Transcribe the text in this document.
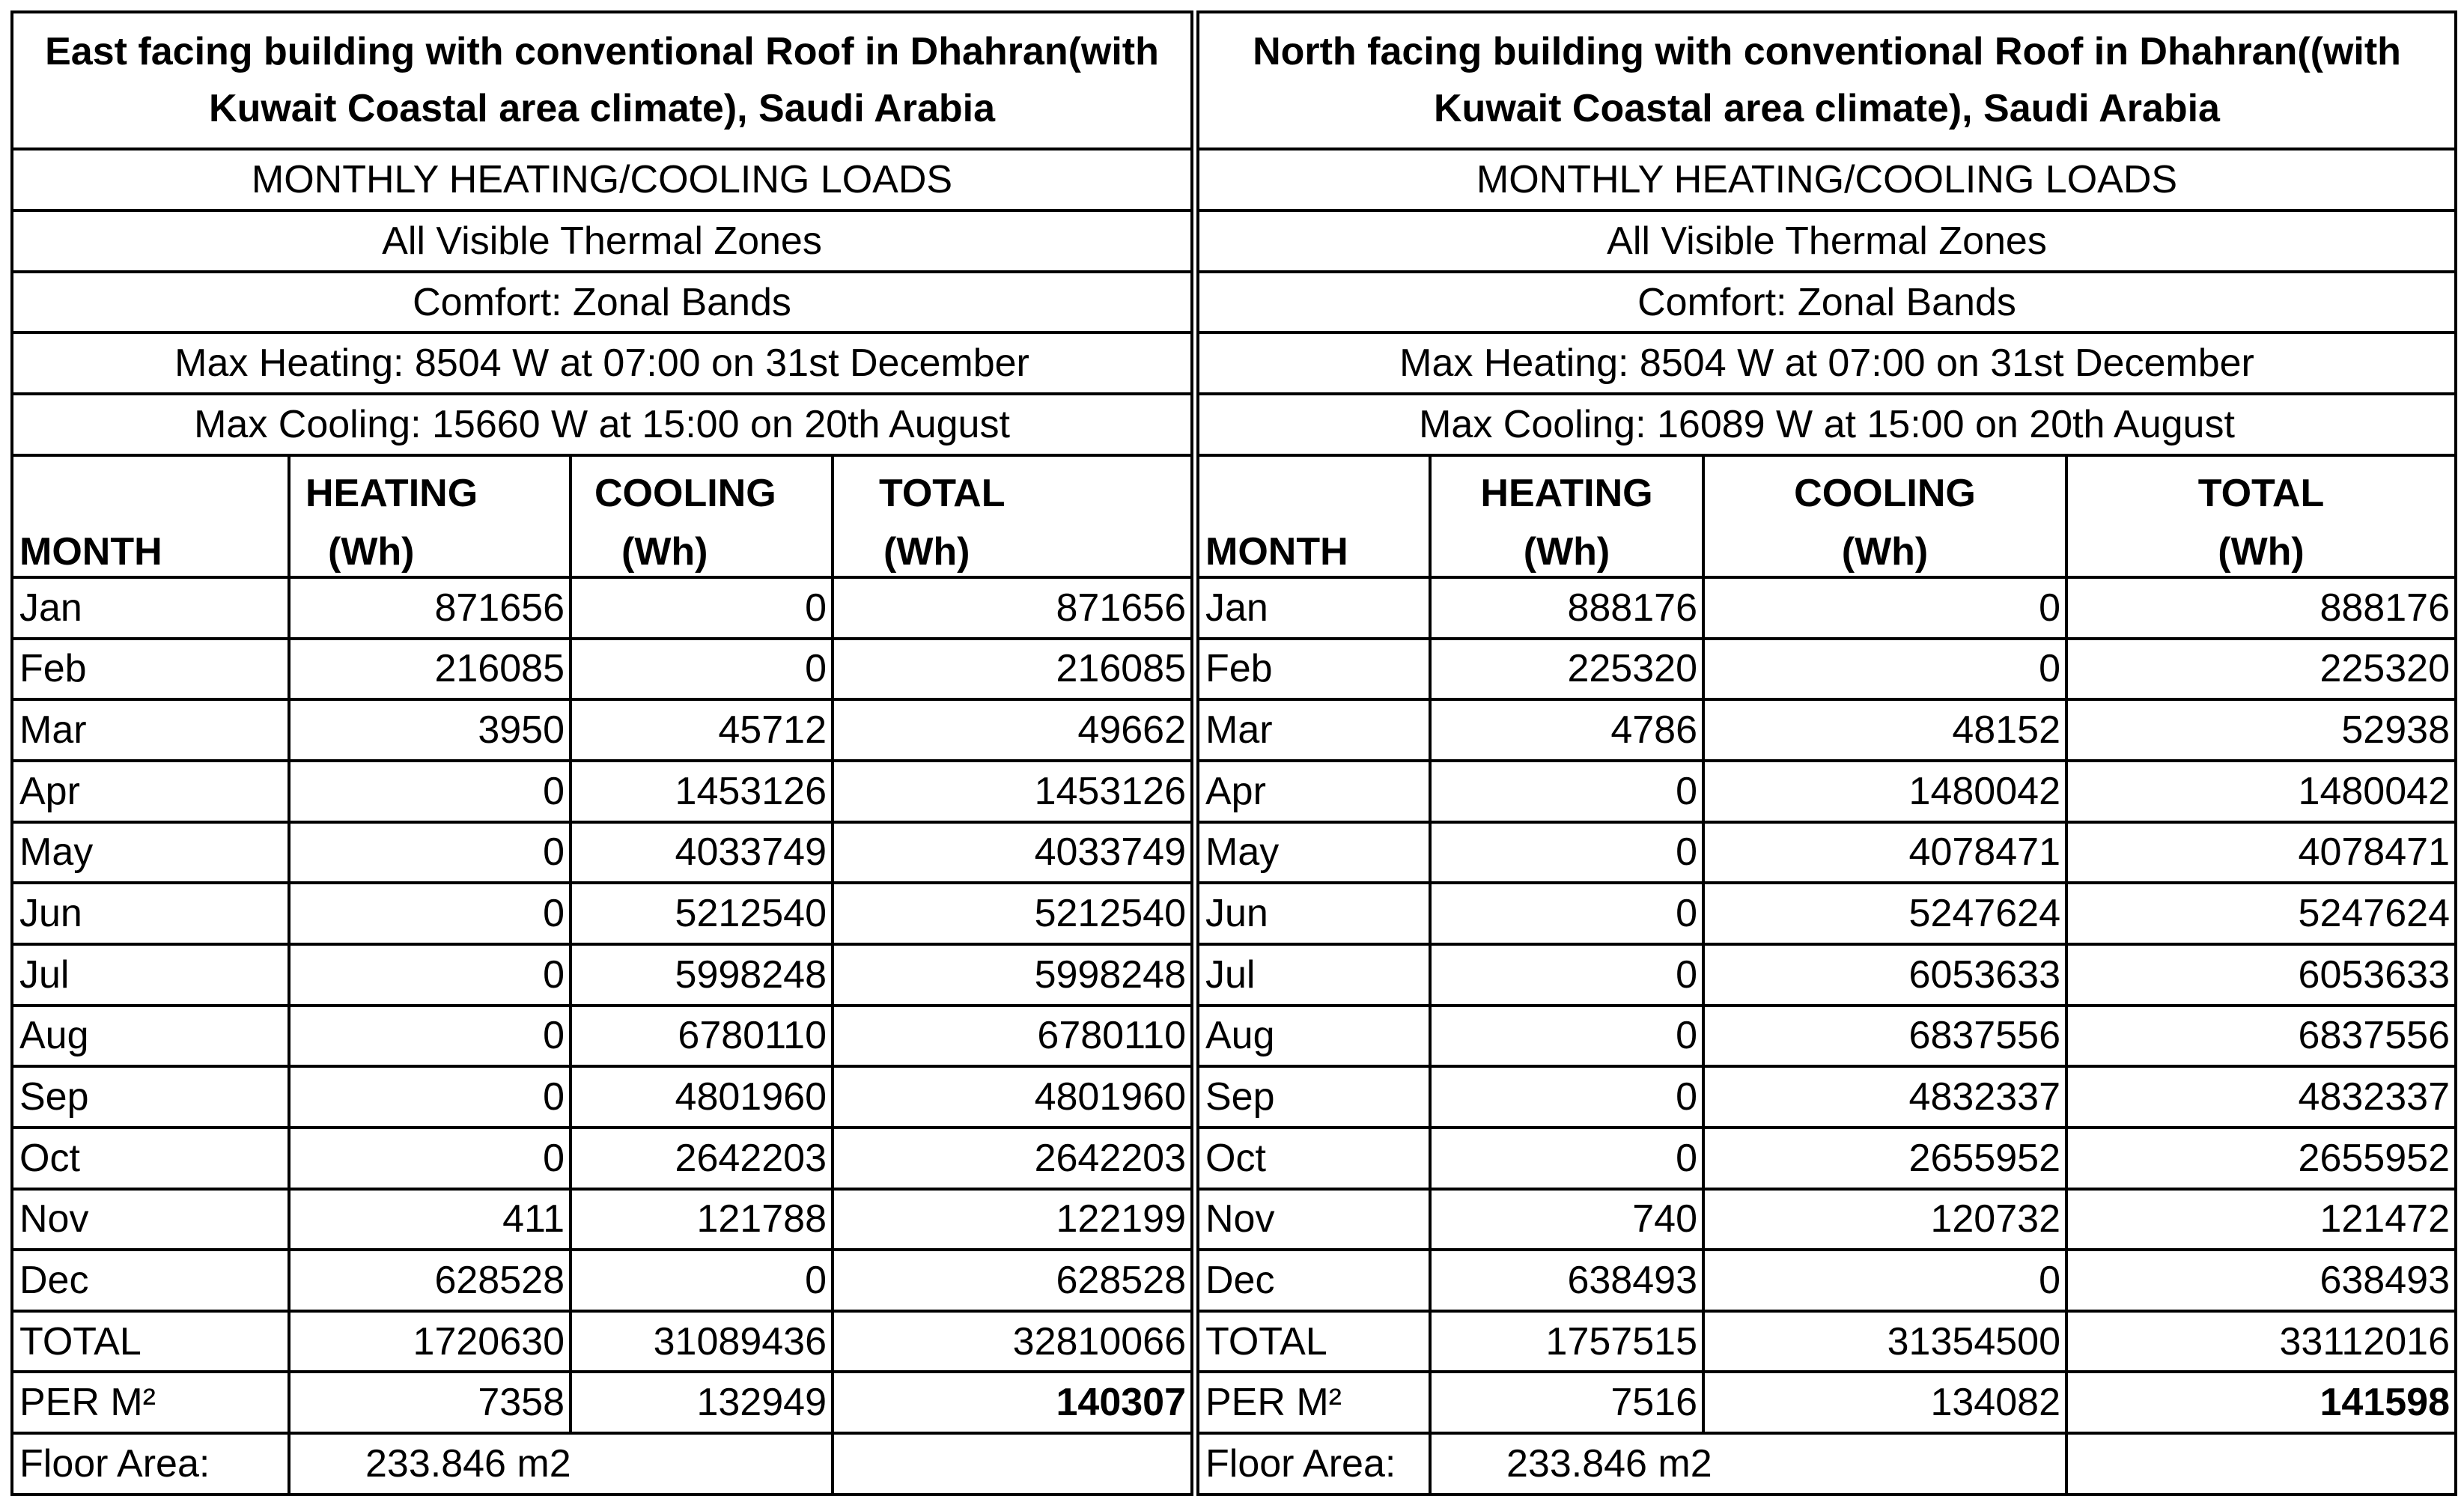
East facing building with conventional Roof in Dhahran(with Kuwait Coastal area climate), Saudi Arabia			
MONTHLY HEATING/COOLING LOADS			
All Visible Thermal Zones			
Comfort: Zonal Bands			
Max Heating: 8504 W at 07:00 on 31st December			
Max Cooling: 15660 W at 15:00 on 20th August			
	HEATING	COOLING	TOTAL
MONTH	(Wh)	(Wh)	(Wh)
Jan	871656	0	871656
Feb	216085	0	216085
Mar	3950	45712	49662
Apr	0	1453126	1453126
May	0	4033749	4033749
Jun	0	5212540	5212540
Jul	0	5998248	5998248
Aug	0	6780110	6780110
Sep	0	4801960	4801960
Oct	0	2642203	2642203
Nov	411	121788	122199
Dec	628528	0	628528
TOTAL	1720630	31089436	32810066
PER M²	7358	132949	140307
Floor Area:	233.846 m2		
North facing building with conventional Roof in Dhahran((with Kuwait Coastal area climate), Saudi Arabia			
MONTHLY HEATING/COOLING LOADS			
All Visible Thermal Zones			
Comfort: Zonal Bands			
Max Heating: 8504 W at 07:00 on 31st December			
Max Cooling: 16089 W at 15:00 on 20th August			
	HEATING	COOLING	TOTAL
MONTH	(Wh)	(Wh)	(Wh)
Jan	888176	0	888176
Feb	225320	0	225320
Mar	4786	48152	52938
Apr	0	1480042	1480042
May	0	4078471	4078471
Jun	0	5247624	5247624
Jul	0	6053633	6053633
Aug	0	6837556	6837556
Sep	0	4832337	4832337
Oct	0	2655952	2655952
Nov	740	120732	121472
Dec	638493	0	638493
TOTAL	1757515	31354500	33112016
PER M²	7516	134082	141598
Floor Area:	233.846 m2		
